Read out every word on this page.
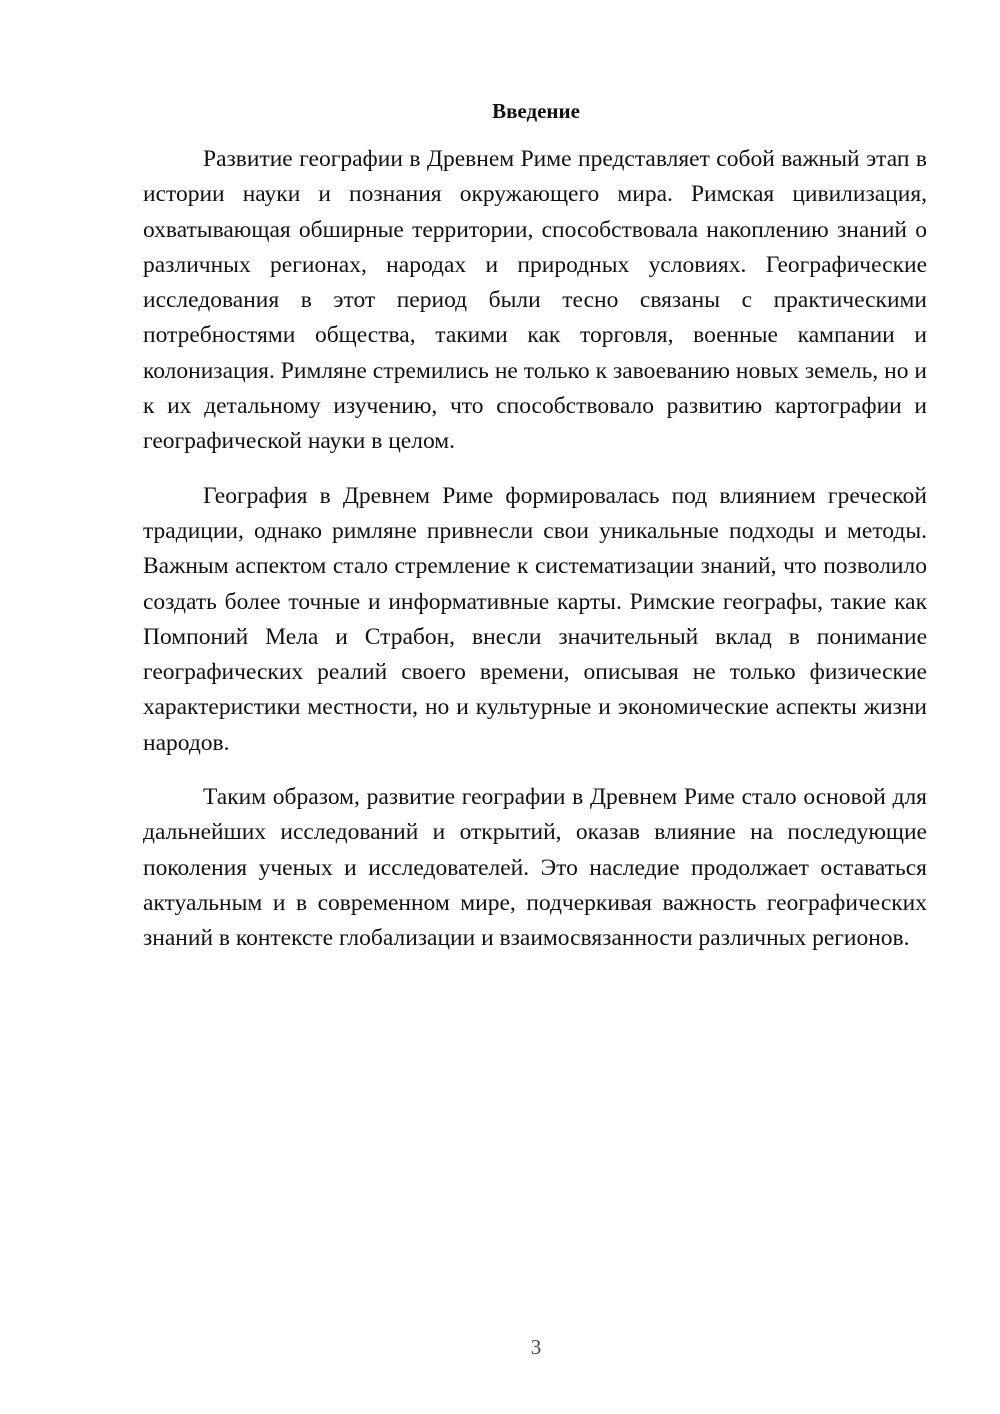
Введение

Развитие географии в Древнем Риме представляет собой важный этап в истории науки и познания окружающего мира. Римская цивилизация, охватывающая обширные территории, способствовала накоплению знаний о различных регионах, народах и природных условиях. Географические исследования в этот период были тесно связаны с практическими потребностями общества, такими как торговля, военные кампании и колонизация. Римляне стремились не только к завоеванию новых земель, но и к их детальному изучению, что способствовало развитию картографии и географической науки в целом.

География в Древнем Риме формировалась под влиянием греческой традиции, однако римляне привнесли свои уникальные подходы и методы. Важным аспектом стало стремление к систематизации знаний, что позволило создать более точные и информативные карты. Римские географы, такие как Помпоний Мела и Страбон, внесли значительный вклад в понимание географических реалий своего времени, описывая не только физические характеристики местности, но и культурные и экономические аспекты жизни народов.

Таким образом, развитие географии в Древнем Риме стало основой для дальнейших исследований и открытий, оказав влияние на последующие поколения ученых и исследователей. Это наследие продолжает оставаться актуальным и в современном мире, подчеркивая важность географических знаний в контексте глобализации и взаимосвязанности различных регионов.

3
